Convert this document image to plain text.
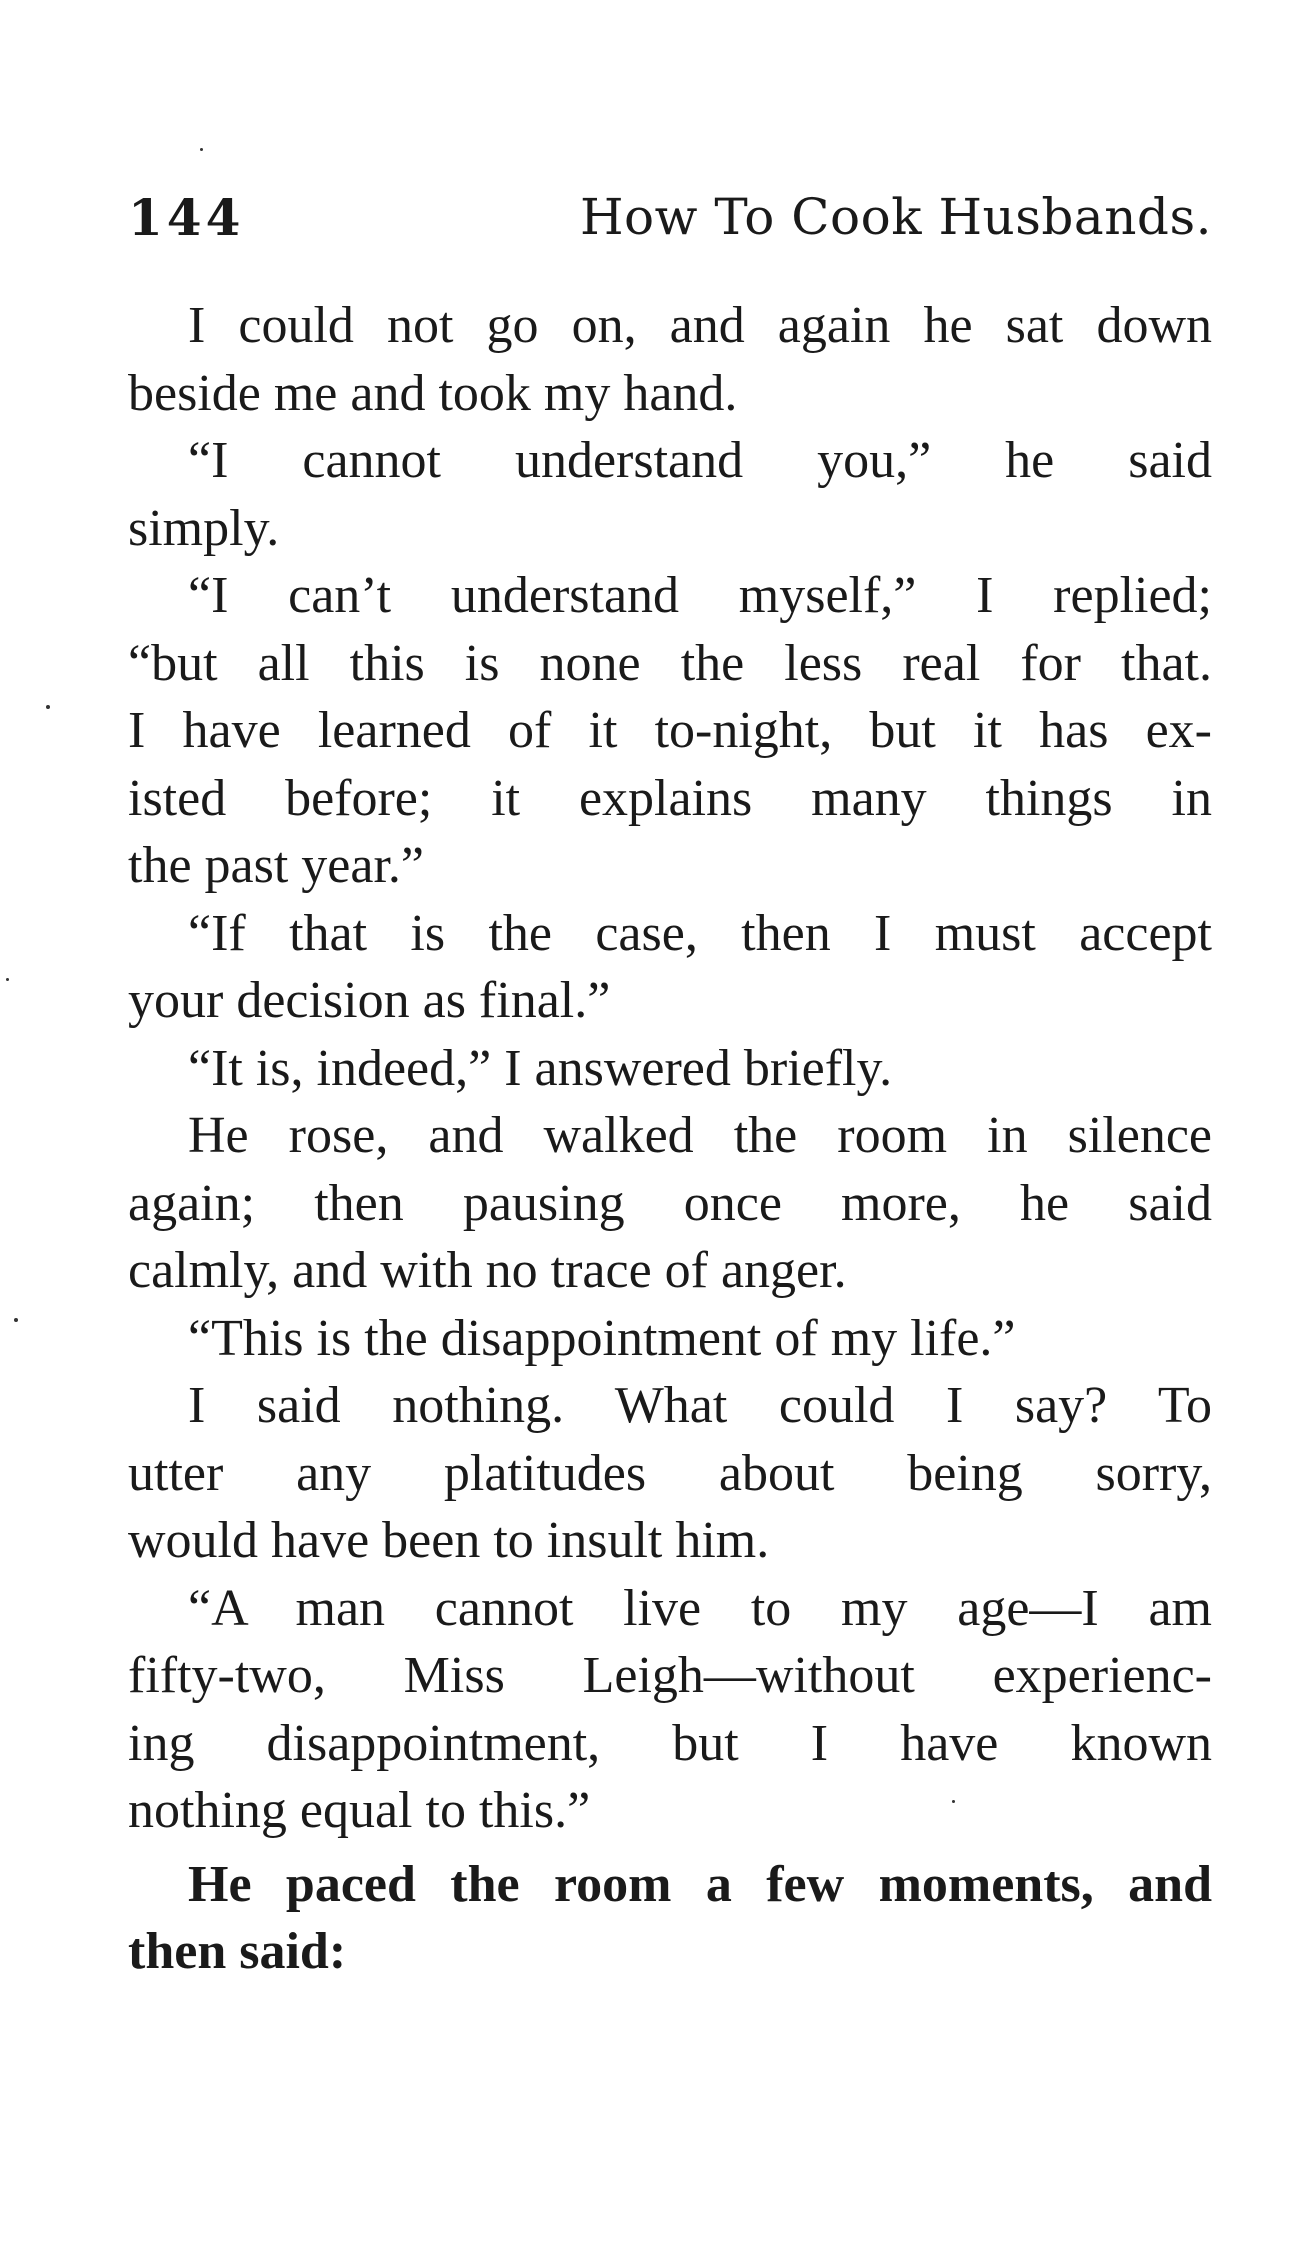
144	How To Cook Husbands.
I could not go on, and again he sat down
beside me and took my hand.
“I cannot understand you,” he said
simply.
“I can’t understand myself,” I replied;
“but all this is none the less real for that.
I have learned of it to-night, but it has ex-
isted before; it explains many things in
the past year.”
“If that is the case, then I must accept
your decision as final.”
“It is, indeed,” I answered briefly.
He rose, and walked the room in silence
again; then pausing once more, he said
calmly, and with no trace of anger.
“This is the disappointment of my life.”
I said nothing. What could I say? To
utter any platitudes about being sorry,
would have been to insult him.
“A man cannot live to my age—I am
fifty-two, Miss Leigh—without experienc-
ing disappointment, but I have known
nothing equal to this.”
He paced the room a few moments, and
then said:
